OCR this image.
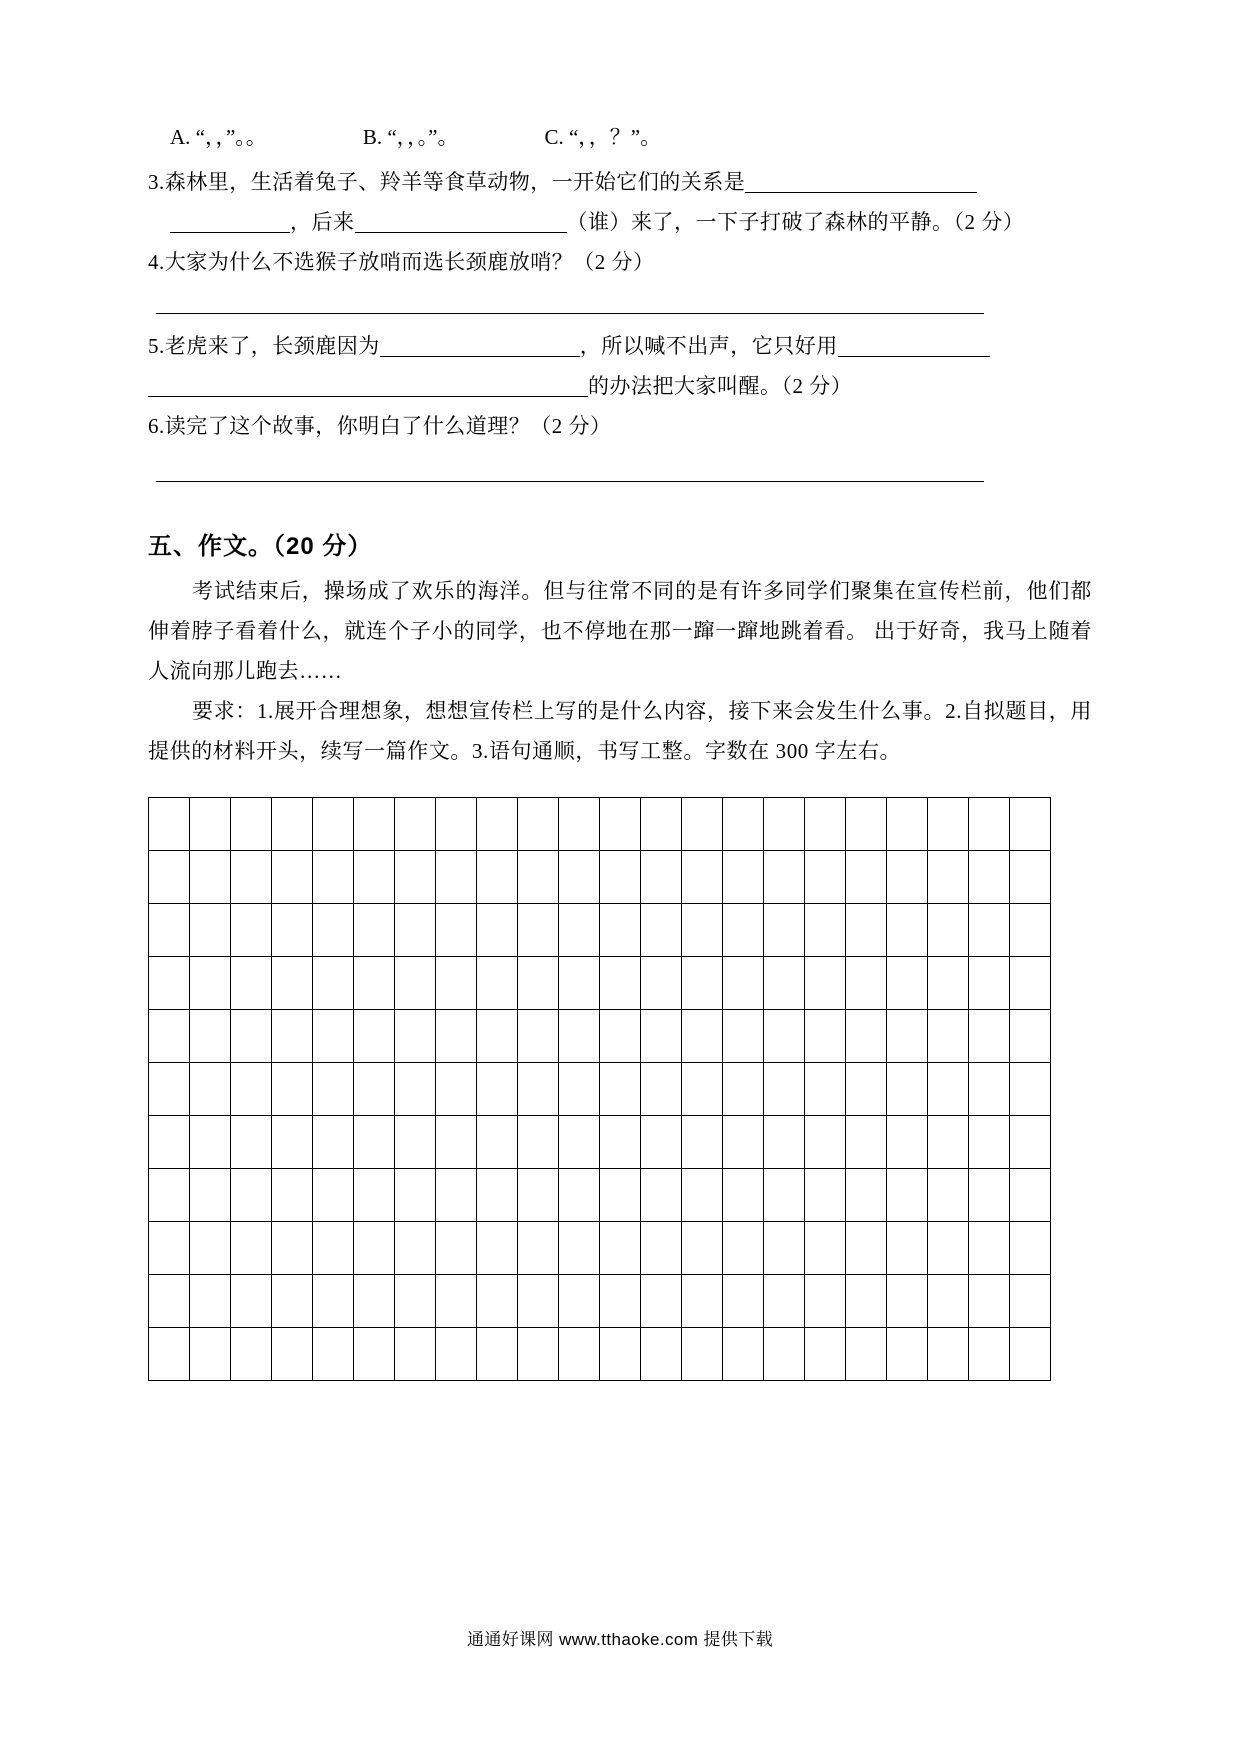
A. “，，”。。	B. “，，。”。	C. “，，？”。
3.森林里，生活着兔子、羚羊等食草动物，一开始它们的关系是
，后来	（谁）来了，一下子打破了森林的平静。（2 分）
4.大家为什么不选猴子放哨而选长颈鹿放哨？（2 分）
5.老虎来了，长颈鹿因为	，所以喊不出声，它只好用
的办法把大家叫醒。（2 分）
6.读完了这个故事，你明白了什么道理？（2 分）
五、作文。（20 分）
考试结束后，操场成了欢乐的海洋。但与往常不同的是有许多同学们聚集在宣传栏前，他们都伸着脖子看着什么，就连个子小的同学，也不停地在那一蹿一蹿地跳着看。 出于好奇，我马上随着人流向那儿跑去……
要求：1.展开合理想象，想想宣传栏上写的是什么内容，接下来会发生什么事。2.自拟题目，用提供的材料开头，续写一篇作文。3.语句通顺，书写工整。字数在 300 字左右。

通通好课网 www.tthaoke.com 提供下载
